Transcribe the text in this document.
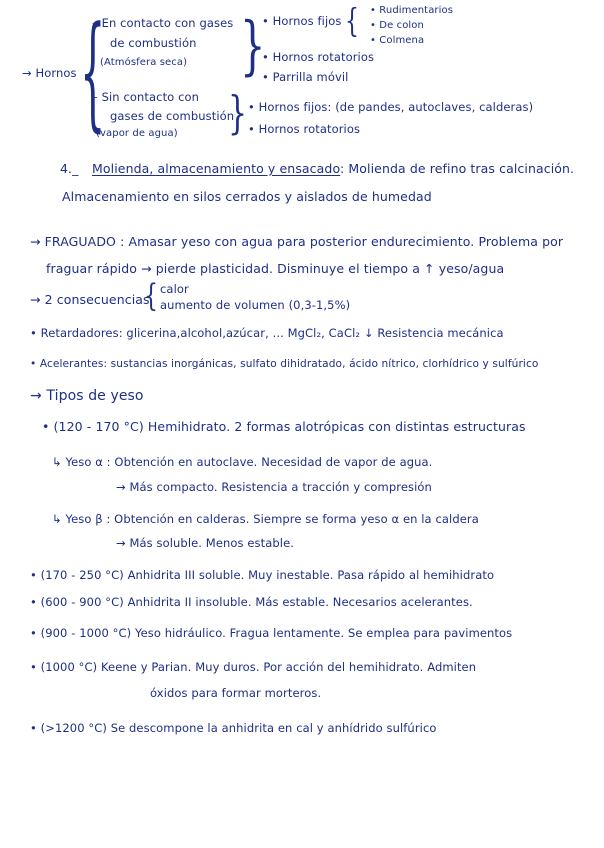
→ Hornos {
– En contacto con gases
de combustión
(Atmósfera seca) }
• Hornos fijos { • Rudimentarios
• De colon
• Colmena
• Hornos rotatorios
• Parrilla móvil
– Sin contacto con
gases de combustión
(vapor de agua) } • Hornos fijos: (de pandes, autoclaves, calderas)
• Hornos rotatorios
4._ Molienda, almacenamiento y ensacado : Molienda de refino tras calcinación.
Almacenamiento en silos cerrados y aislados de humedad
→ FRAGUADO : Amasar yeso con agua para posterior endurecimiento. Problema por
fraguar rápido → pierde plasticidad. Disminuye el tiempo a ↑ yeso/agua
→ 2 consecuencias
{ calor
aumento de volumen (0,3-1,5%)
• Retardadores: glicerina,alcohol,azúcar, ... MgCl₂, CaCl₂ ↓ Resistencia mecánica
• Acelerantes: sustancias inorgánicas, sulfato dihidratado, ácido nítrico, clorhídrico y sulfúrico
→ Tipos de yeso
• (120 - 170 °C) Hemihidrato. 2 formas alotrópicas con distintas estructuras
↳ Yeso α : Obtención en autoclave. Necesidad de vapor de agua.
→ Más compacto. Resistencia a tracción y compresión
↳ Yeso β : Obtención en calderas. Siempre se forma yeso α en la caldera
→ Más soluble. Menos estable.
• (170 - 250 °C) Anhidrita III soluble. Muy inestable. Pasa rápido al hemihidrato
• (600 - 900 °C) Anhidrita II insoluble. Más estable. Necesarios acelerantes.
• (900 - 1000 °C) Yeso hidráulico. Fragua lentamente. Se emplea para pavimentos
• (1000 °C) Keene y Parian. Muy duros. Por acción del hemihidrato. Admiten
óxidos para formar morteros.
• (>1200 °C) Se descompone la anhidrita en cal y anhídrido sulfúrico
